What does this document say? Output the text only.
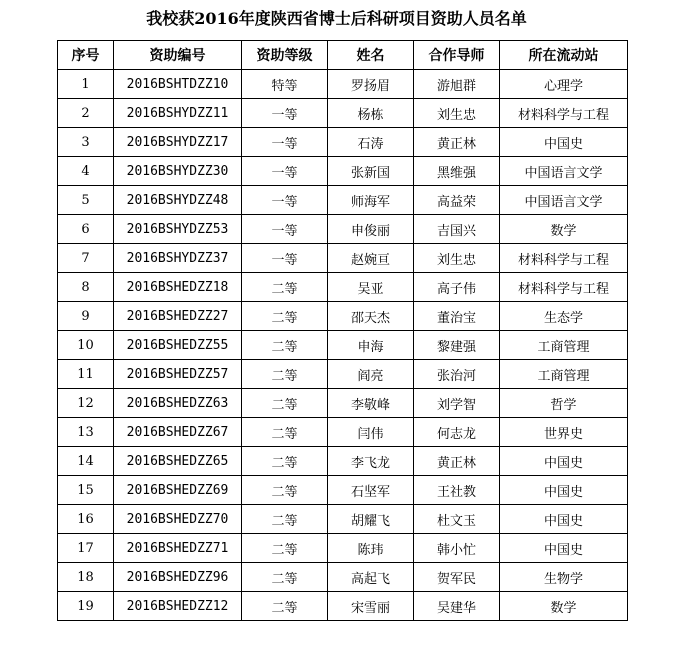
我校获2016年度陕西省博士后科研项目资助人员名单
序号	资助编号	资助等级	姓名	合作导师	所在流动站
1	2016BSHTDZZ10	特等	罗扬眉	游旭群	心理学
2	2016BSHYDZZ11	一等	杨栋	刘生忠	材料科学与工程
3	2016BSHYDZZ17	一等	石涛	黄正林	中国史
4	2016BSHYDZZ30	一等	张新国	黑维强	中国语言文学
5	2016BSHYDZZ48	一等	师海军	高益荣	中国语言文学
6	2016BSHYDZZ53	一等	申俊丽	吉国兴	数学
7	2016BSHYDZZ37	一等	赵婉亘	刘生忠	材料科学与工程
8	2016BSHEDZZ18	二等	吴亚	高子伟	材料科学与工程
9	2016BSHEDZZ27	二等	邵天杰	董治宝	生态学
10	2016BSHEDZZ55	二等	申海	黎建强	工商管理
11	2016BSHEDZZ57	二等	阎亮	张治河	工商管理
12	2016BSHEDZZ63	二等	李敬峰	刘学智	哲学
13	2016BSHEDZZ67	二等	闫伟	何志龙	世界史
14	2016BSHEDZZ65	二等	李飞龙	黄正林	中国史
15	2016BSHEDZZ69	二等	石坚军	王社教	中国史
16	2016BSHEDZZ70	二等	胡耀飞	杜文玉	中国史
17	2016BSHEDZZ71	二等	陈玮	韩小忙	中国史
18	2016BSHEDZZ96	二等	高起飞	贺军民	生物学
19	2016BSHEDZZ12	二等	宋雪丽	吴建华	数学
